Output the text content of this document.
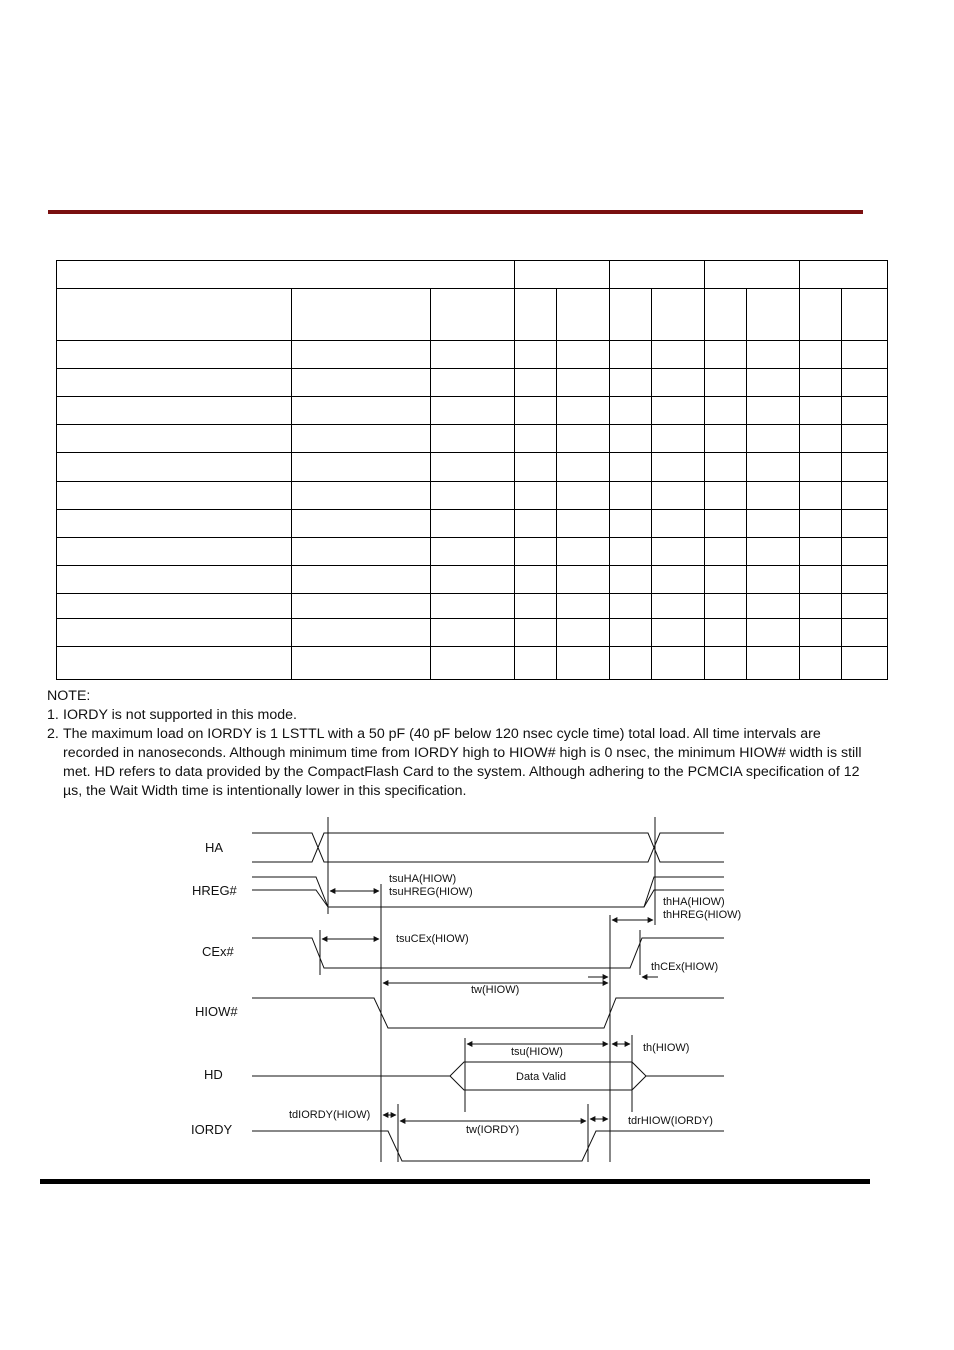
NOTE:

1. IORDY is not supported in this mode.
2. The maximum load on IORDY is 1 LSTTL with a 50 pF (40 pF below 120 nsec cycle time) total load. All time intervals are recorded in nanoseconds. Although minimum time from IORDY high to HIOW# high is 0 nsec, the minimum HIOW# width is still met. HD refers to data provided by the CompactFlash Card to the system. Although adhering to the PCMCIA specification of 12 µs, the Wait Width time is intentionally lower in this specification.
HA
HREG#
CEx#
HIOW#
HD
IORDY
tsuHA(HIOW)
tsuHREG(HIOW)
thHA(HIOW)
thHREG(HIOW)
tsuCEx(HIOW)
thCEx(HIOW)
tw(HIOW)
tsu(HIOW)	th(HIOW)
Data Valid
tdIORDY(HIOW)
tw(IORDY)
tdrHIOW(IORDY)
